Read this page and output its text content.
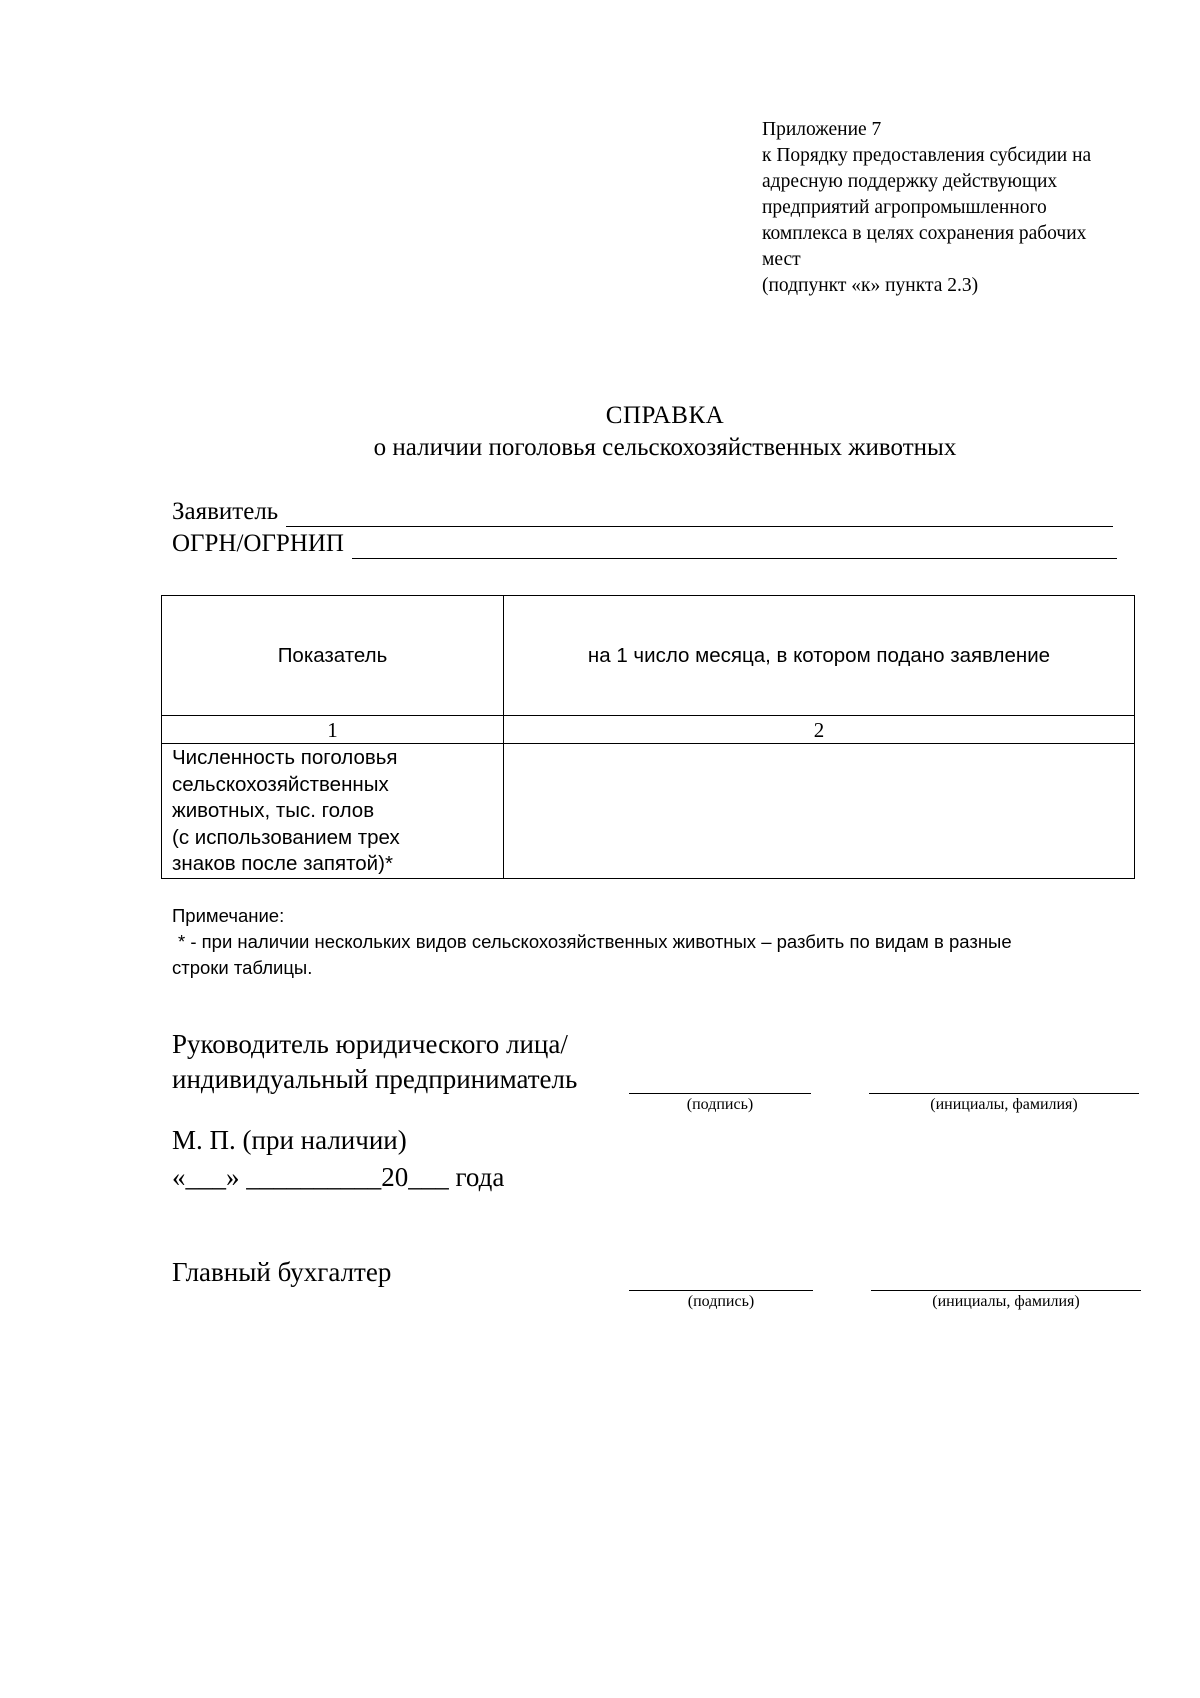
Приложение 7
к Порядку предоставления субсидии на
адресную поддержку действующих
предприятий агропромышленного
комплекса в целях сохранения рабочих
мест
(подпункт «к» пункта 2.3)
СПРАВКА
о наличии поголовья сельскохозяйственных животных
Заявитель
ОГРН/ОГРНИП
Показатель	на 1 число месяца, в котором подано заявление
1	2

Численность поголовья
сельскохозяйственных
животных, тыс. голов
(с использованием трех
знаков после запятой)*	

Примечание:
* - при наличии нескольких видов сельскохозяйственных животных – разбить по видам в разные
строки таблицы.
Руководитель юридического лица/
индивидуальный предприниматель
(подпись)	(инициалы, фамилия)
М. П. (при наличии)
«___» __________20___ года
Главный бухгалтер
(подпись)	(инициалы, фамилия)
